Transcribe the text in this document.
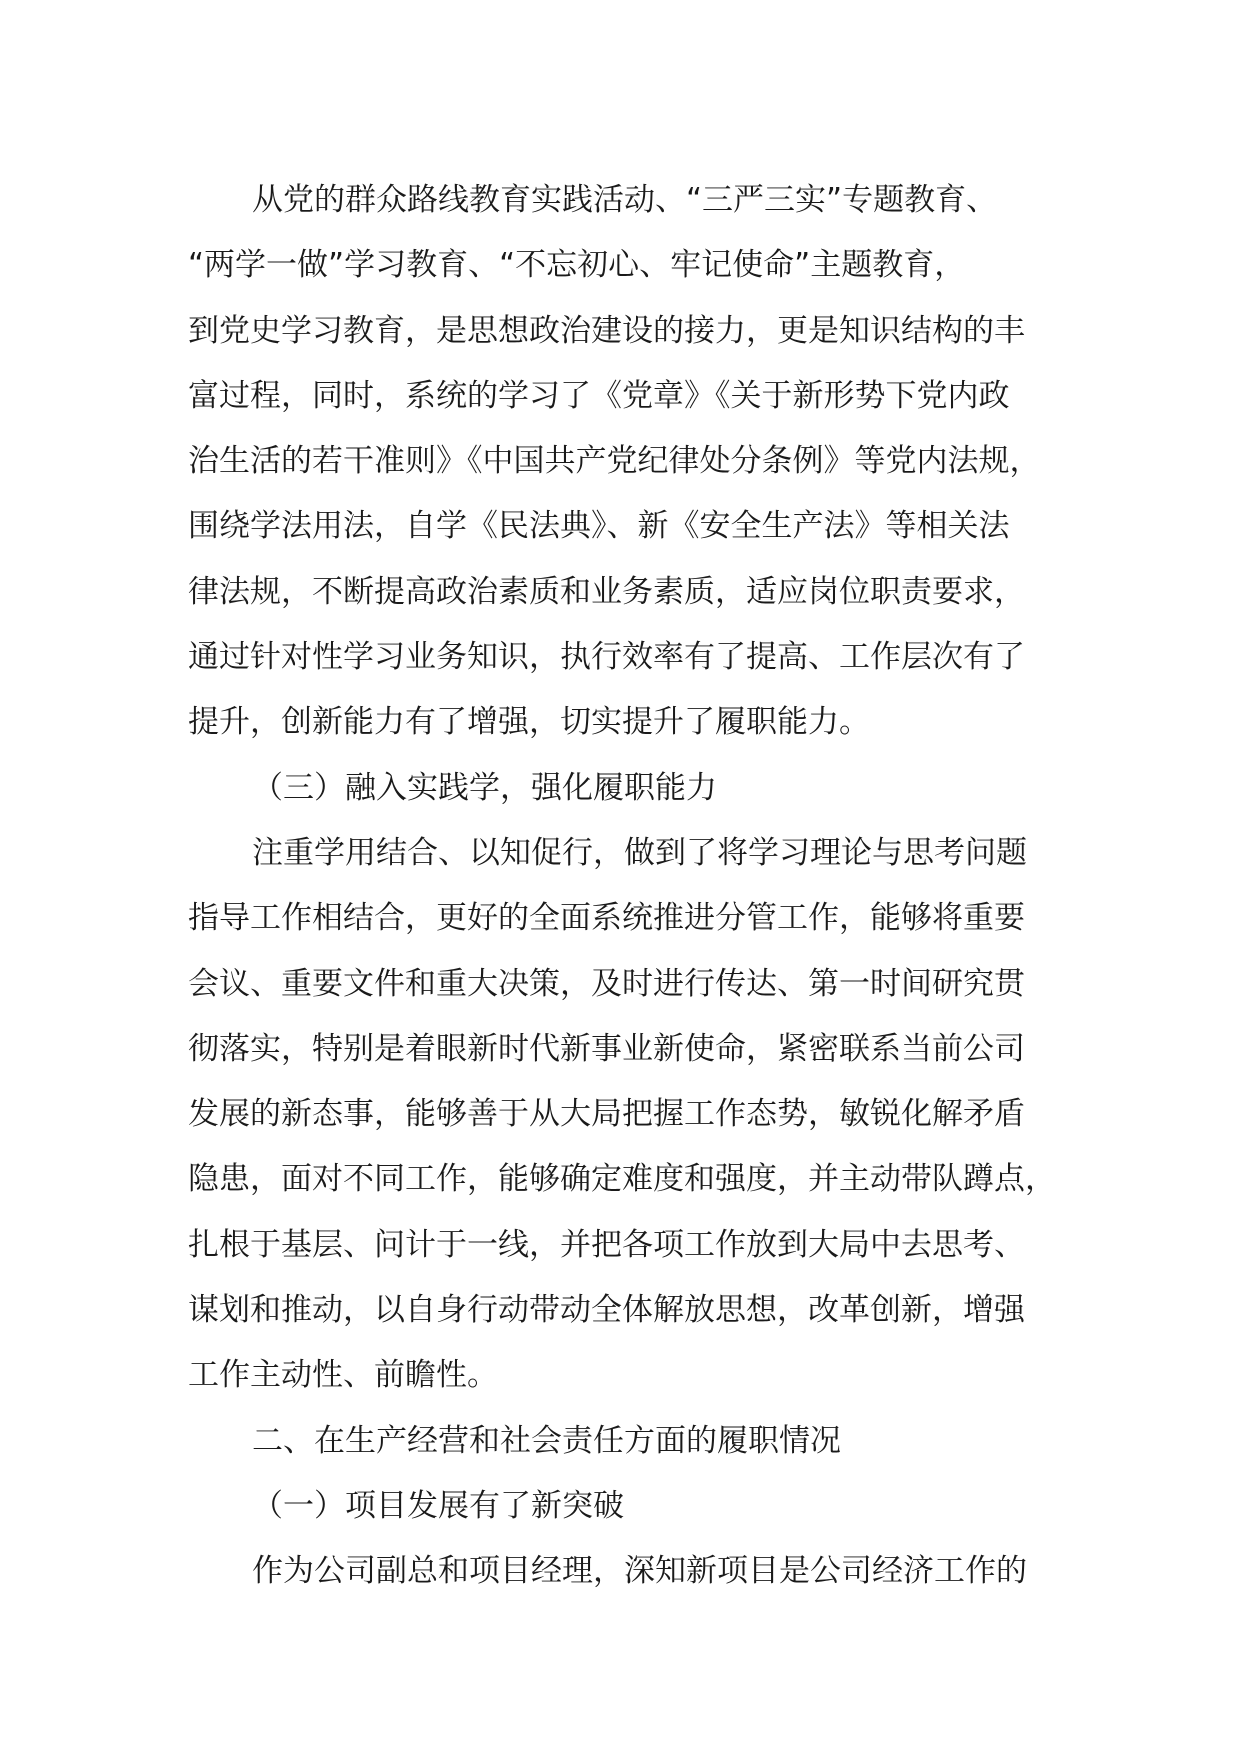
从党的群众路线教育实践活动、“三严三实”专题教育、
“两学一做”学习教育、“不忘初心、牢记使命”主题教育，
到党史学习教育，是思想政治建设的接力，更是知识结构的丰
富过程，同时，系统的学习了《党章》《关于新形势下党内政
治生活的若干准则》《中国共产党纪律处分条例》等党内法规，
围绕学法用法，自学《民法典》、新《安全生产法》等相关法
律法规，不断提高政治素质和业务素质，适应岗位职责要求，
通过针对性学习业务知识，执行效率有了提高、工作层次有了
提升，创新能力有了增强，切实提升了履职能力。
（三）融入实践学，强化履职能力
注重学用结合、以知促行，做到了将学习理论与思考问题
指导工作相结合，更好的全面系统推进分管工作，能够将重要
会议、重要文件和重大决策，及时进行传达、第一时间研究贯
彻落实，特别是着眼新时代新事业新使命，紧密联系当前公司
发展的新态事，能够善于从大局把握工作态势，敏锐化解矛盾
隐患，面对不同工作，能够确定难度和强度，并主动带队蹲点，
扎根于基层、问计于一线，并把各项工作放到大局中去思考、
谋划和推动，以自身行动带动全体解放思想，改革创新，增强
工作主动性、前瞻性。
二、在生产经营和社会责任方面的履职情况
（一）项目发展有了新突破
作为公司副总和项目经理，深知新项目是公司经济工作的
